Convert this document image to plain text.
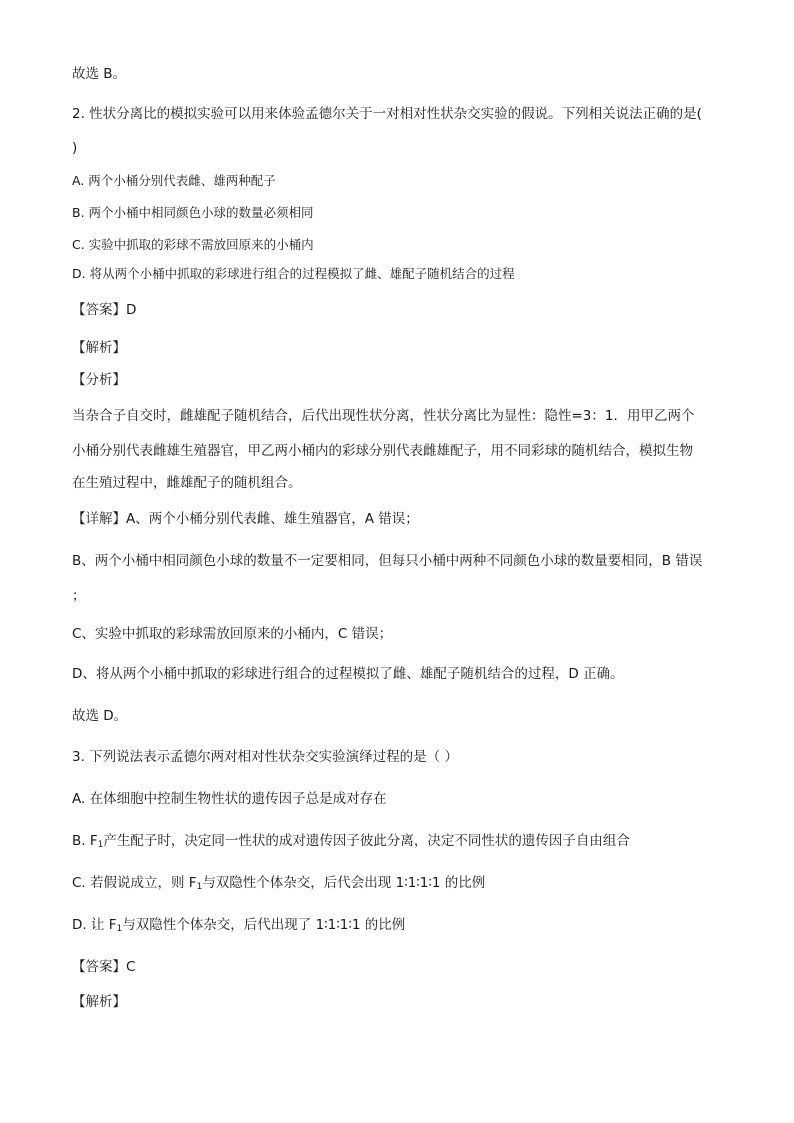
故选 B。
2. 性状分离比的模拟实验可以用来体验孟德尔关于一对相对性状杂交实验的假说。下列相关说法正确的是(
)
A. 两个小桶分别代表雌、雄两种配子
B. 两个小桶中相同颜色小球的数量必须相同
C. 实验中抓取的彩球不需放回原来的小桶内
D. 将从两个小桶中抓取的彩球进行组合的过程模拟了雌、雄配子随机结合的过程
【答案】D
【解析】
【分析】
当杂合子自交时，雌雄配子随机结合，后代出现性状分离，性状分离比为显性：隐性=3：1．用甲乙两个
小桶分别代表雌雄生殖器官，甲乙两小桶内的彩球分别代表雌雄配子，用不同彩球的随机结合，模拟生物
在生殖过程中，雌雄配子的随机组合。
【详解】A、两个小桶分别代表雌、雄生殖器官，A 错误；
B、两个小桶中相同颜色小球的数量不一定要相同，但每只小桶中两种不同颜色小球的数量要相同，B 错误
；
C、实验中抓取的彩球需放回原来的小桶内，C 错误；
D、将从两个小桶中抓取的彩球进行组合的过程模拟了雌、雄配子随机结合的过程，D 正确。
故选 D。
3. 下列说法表示孟德尔两对相对性状杂交实验演绎过程的是（ ）
A. 在体细胞中控制生物性状的遗传因子总是成对存在
B. $F_1$产生配子时，决定同一性状的成对遗传因子彼此分离，决定不同性状的遗传因子自由组合
C. 若假说成立，则 $F_1$与双隐性个体杂交，后代会出现 1∶1∶1∶1 的比例
D. 让 $F_1$与双隐性个体杂交，后代出现了 1∶1∶1∶1 的比例
【答案】C
【解析】
